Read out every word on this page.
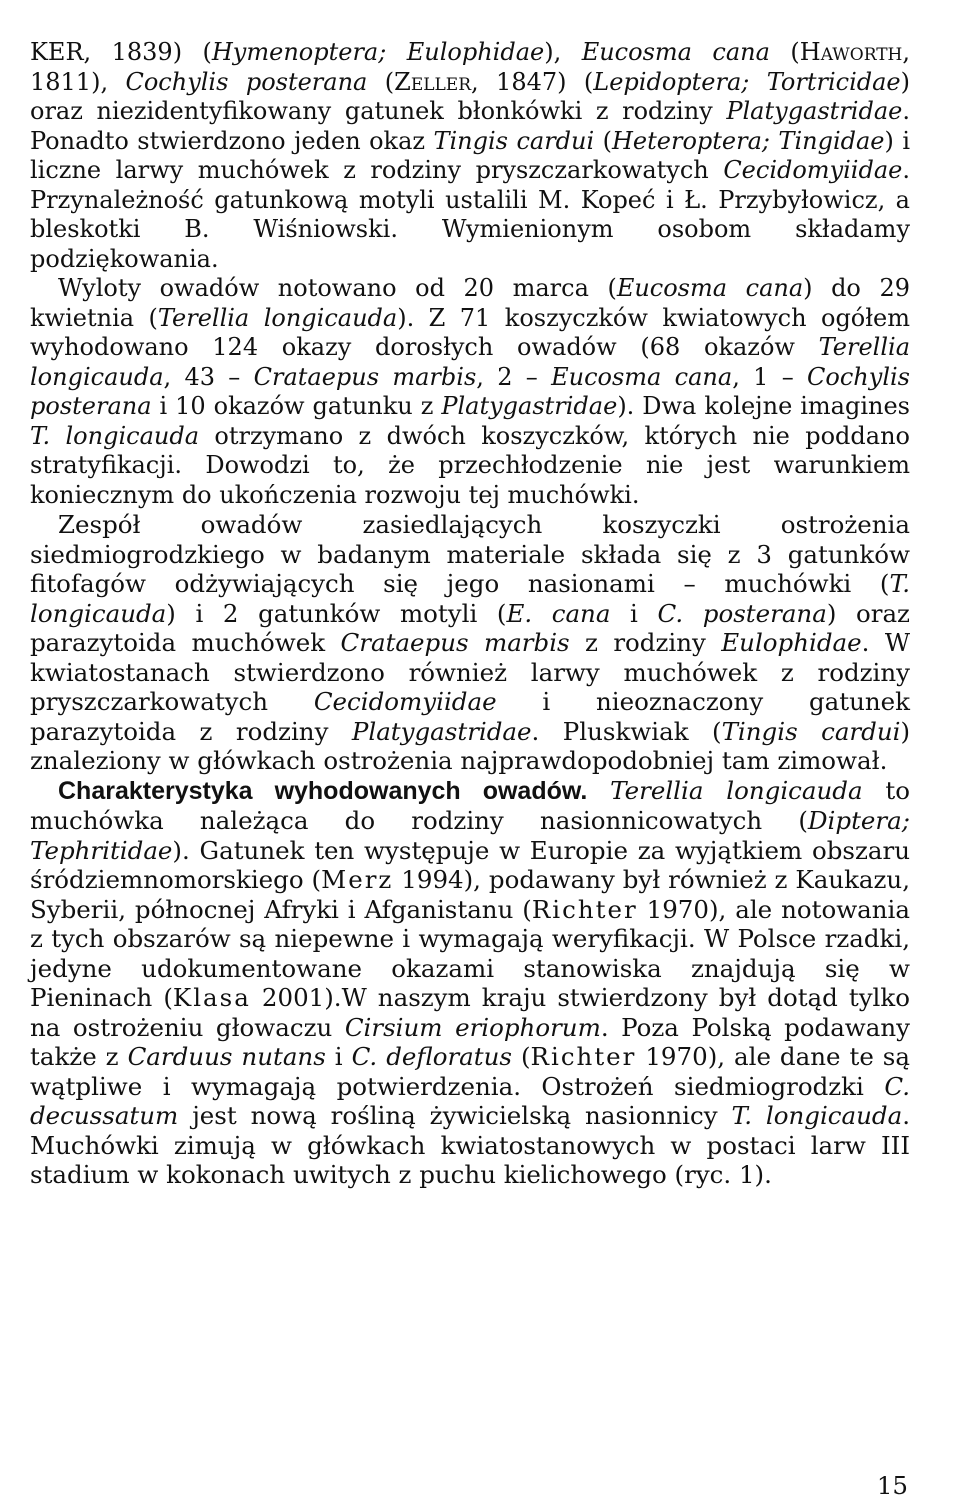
KER, 1839) (Hymenoptera; Eulophidae), Eucosma cana (Haworth, 1811), Cochylis posterana (Zeller, 1847) (Lepidoptera; Tortricidae) oraz niezidentyfikowany gatunek błonkówki z rodziny Platygastridae. Ponadto stwierdzono jeden okaz Tingis cardui (Heteroptera; Tingidae) i liczne larwy muchówek z rodziny pryszczarkowatych Cecidomyiidae. Przynależność gatunkową motyli ustalili M. Kopeć i Ł. Przybyłowicz, a bleskotki B. Wiśniowski. Wymienionym osobom składamy podziękowania.

Wyloty owadów notowano od 20 marca (Eucosma cana) do 29 kwietnia (Terellia longicauda). Z 71 koszyczków kwiatowych ogółem wyhodowano 124 okazy dorosłych owadów (68 okazów Terellia longicauda, 43 – Crataepus marbis, 2 – Eucosma cana, 1 – Cochylis posterana i 10 okazów gatunku z Platygastridae). Dwa kolejne imagines T. longicauda otrzymano z dwóch koszyczków, których nie poddano stratyfikacji. Dowodzi to, że przechłodzenie nie jest warunkiem koniecznym do ukończenia rozwoju tej muchówki.

Zespół owadów zasiedlających koszyczki ostrożenia siedmiogrodzkiego w badanym materiale składa się z 3 gatunków fitofagów odżywiających się jego nasionami – muchówki (T. longicauda) i 2 gatunków motyli (E. cana i C. posterana) oraz parazytoida muchówek Crataepus marbis z rodziny Eulophidae. W kwiatostanach stwierdzono również larwy muchówek z rodziny pryszczarkowatych Cecidomyiidae i nieoznaczony gatunek parazytoida z rodziny Platygastridae. Pluskwiak (Tingis cardui) znaleziony w główkach ostrożenia najprawdopodobniej tam zimował.

Charakterystyka wyhodowanych owadów. Terellia longicauda to muchówka należąca do rodziny nasionnicowatych (Diptera; Tephritidae). Gatunek ten występuje w Europie za wyjątkiem obszaru śródziemnomorskiego (Merz 1994), podawany był również z Kaukazu, Syberii, północnej Afryki i Afganistanu (Richter 1970), ale notowania z tych obszarów są niepewne i wymagają weryfikacji. W Polsce rzadki, jedyne udokumentowane okazami stanowiska znajdują się w Pieninach (Klasa 2001).W naszym kraju stwierdzony był dotąd tylko na ostrożeniu głowaczu Cirsium eriophorum. Poza Polską podawany także z Carduus nutans i C. defloratus (Richter 1970), ale dane te są wątpliwe i wymagają potwierdzenia. Ostrożeń siedmiogrodzki C. decussatum jest nową rośliną żywicielską nasionnicy T. longicauda. Muchówki zimują w główkach kwiatostanowych w postaci larw III stadium w kokonach uwitych z puchu kielichowego (ryc. 1).

15
